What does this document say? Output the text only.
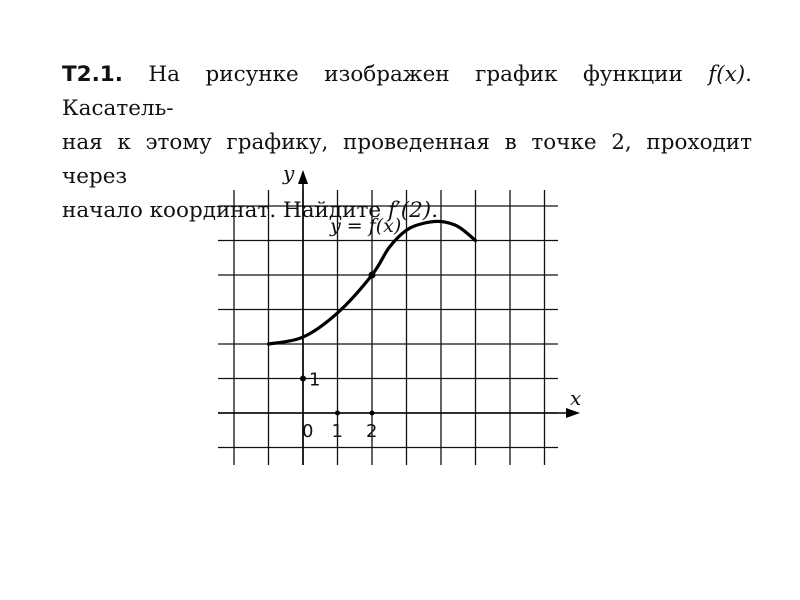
Т2.1. На рисунке изображен график функции f(x). Касатель-
ная к этому графику, проведенная в точке 2, проходит через
начало координат. Найдите f′(2).
y
x
y = f(x)
0 1 2
1
